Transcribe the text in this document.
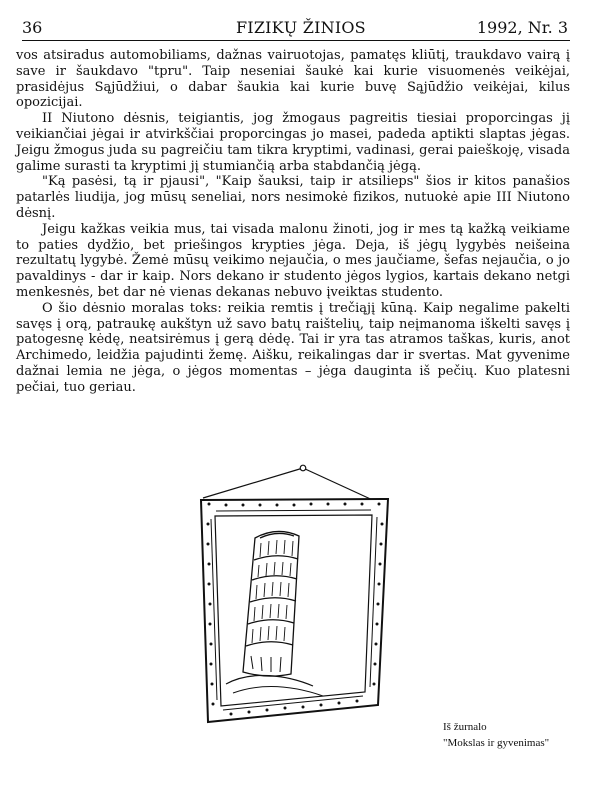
36	FIZIKŲ ŽINIOS	1992, Nr. 3

vos atsiradus automobiliams, dažnas vairuotojas, pamatęs kliūtį, traukdavo vairą į save ir šaukdavo "tpru". Taip neseniai šaukė kai kurie visuomenės veikėjai, prasidėjus Sąjūdžiui, o dabar šaukia kai kurie buvę Sąjūdžio veikėjai, kilus opozicijai.

II Niutono dėsnis, teigiantis, jog žmogaus pagreitis tiesiai proporcingas jį veikiančiai jėgai ir atvirkščiai proporcingas jo masei, padeda aptikti slaptas jėgas. Jeigu žmogus juda su pagreičiu tam tikra kryptimi, vadinasi, gerai paieškoję, visada galime surasti ta kryptimi jį stumiančią arba stabdančią jėgą.

"Ką pasėsi, tą ir pjausi", "Kaip šauksi, taip ir atsilieps" šios ir kitos panašios patarlės liudija, jog mūsų seneliai, nors nesimokė fizikos, nutuokė apie III Niutono dėsnį.

Jeigu kažkas veikia mus, tai visada malonu žinoti, jog ir mes tą kažką veikiame to paties dydžio, bet priešingos krypties jėga. Deja, iš jėgų lygybės neišeina rezultatų lygybė. Žemė mūsų veikimo nejaučia, o mes jaučiame, šefas nejaučia, o jo pavaldinys - dar ir kaip. Nors dekano ir studento jėgos lygios, kartais dekano netgi menkesnės, bet dar nė vienas dekanas nebuvo įveiktas studento.

O šio dėsnio moralas toks: reikia remtis į trečiąjį kūną. Kaip negalime pakelti savęs į orą, patraukę aukštyn už savo batų raištelių, taip neįmanoma iškelti savęs į patogesnę kėdę, neatsirėmus į gerą dėdę. Tai ir yra tas atramos taškas, kuris, anot Archimedo, leidžia pajudinti žemę. Aišku, reikalingas dar ir svertas. Mat gyvenime dažnai lemia ne jėga, o jėgos momentas – jėga dauginta iš pečių. Kuo platesni pečiai, tuo geriau.

Iš žurnalo
"Mokslas ir gyvenimas"
